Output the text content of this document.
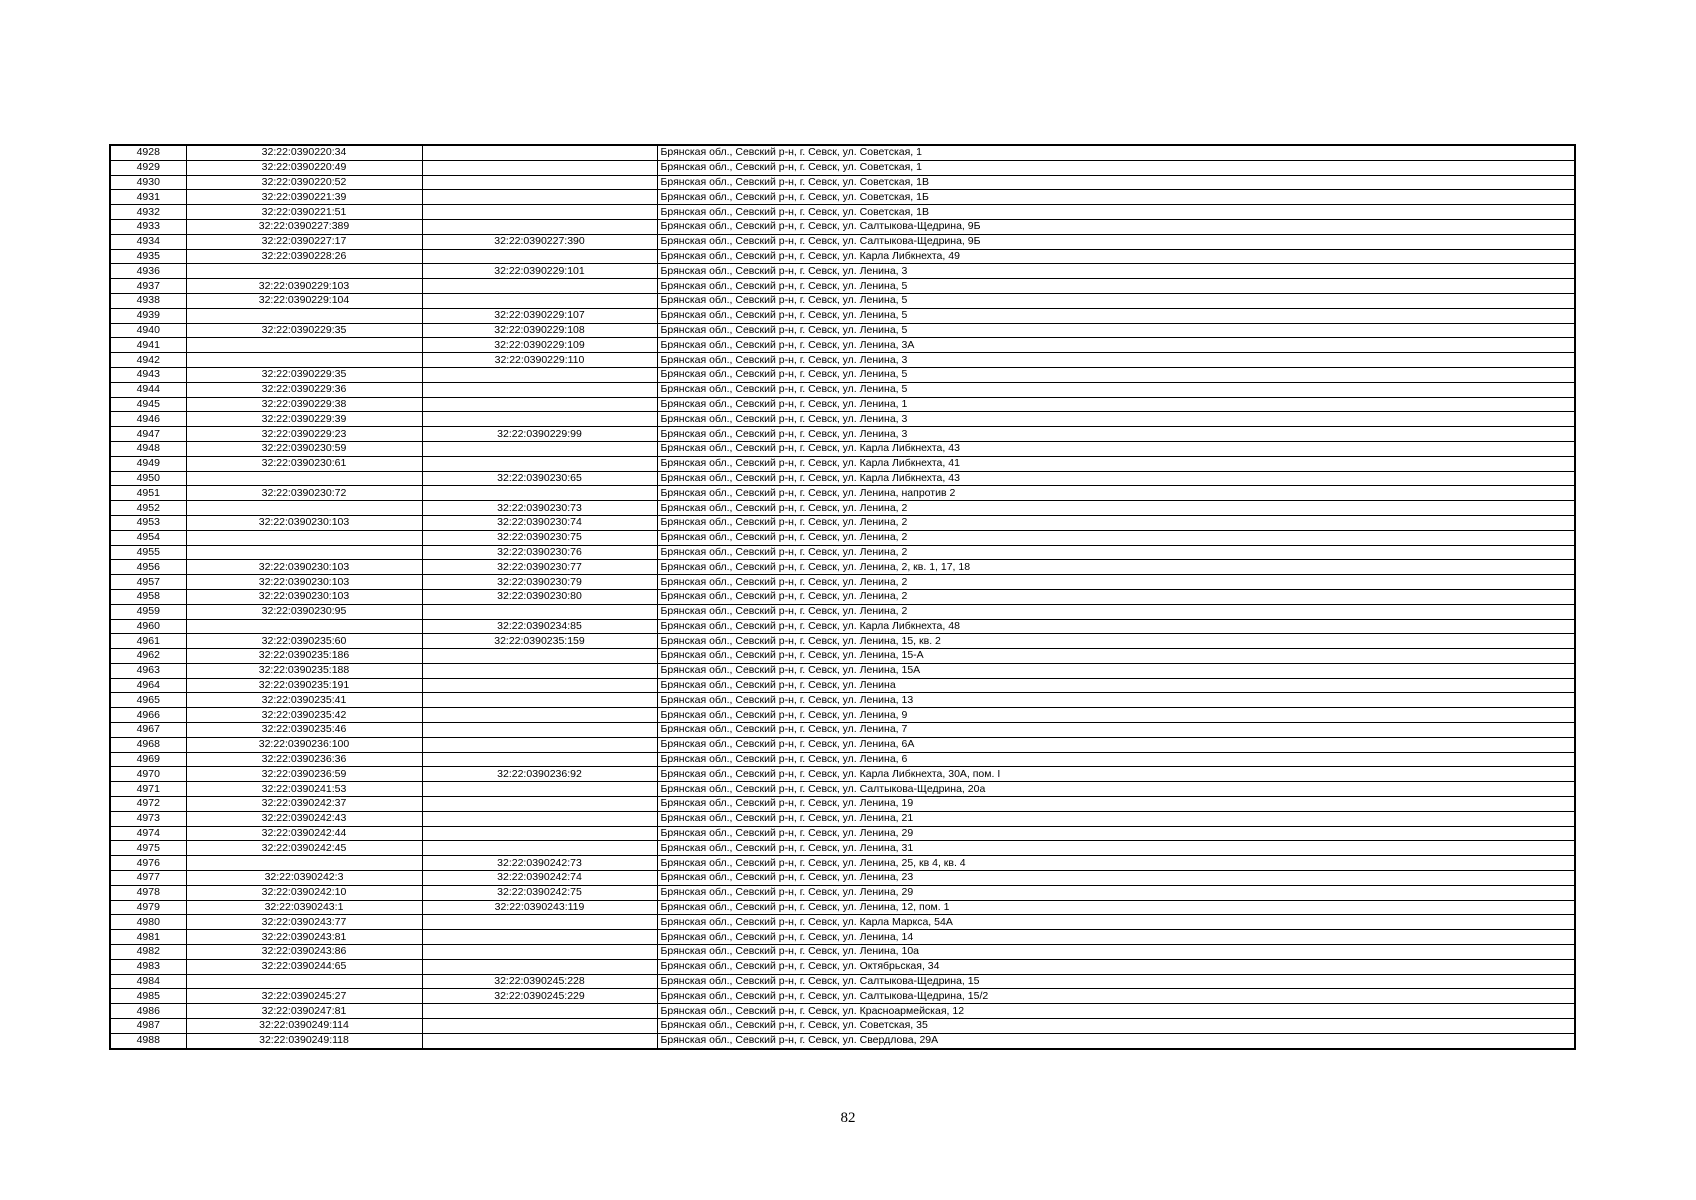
4928	32:22:0390220:34		Брянская обл., Севский р-н, г. Севск, ул. Советская, 1
4929	32:22:0390220:49		Брянская обл., Севский р-н, г. Севск, ул. Советская, 1
4930	32:22:0390220:52		Брянская обл., Севский р-н, г. Севск, ул. Советская, 1В
4931	32:22:0390221:39		Брянская обл., Севский р-н, г. Севск, ул. Советская, 1Б
4932	32:22:0390221:51		Брянская обл., Севский р-н, г. Севск, ул. Советская, 1В
4933	32:22:0390227:389		Брянская обл., Севский р-н, г. Севск, ул. Салтыкова-Щедрина, 9Б
4934	32:22:0390227:17	32:22:0390227:390	Брянская обл., Севский р-н, г. Севск, ул. Салтыкова-Щедрина, 9Б
4935	32:22:0390228:26		Брянская обл., Севский р-н, г. Севск, ул. Карла Либкнехта, 49
4936		32:22:0390229:101	Брянская обл., Севский р-н, г. Севск, ул. Ленина, 3
4937	32:22:0390229:103		Брянская обл., Севский р-н, г. Севск, ул. Ленина, 5
4938	32:22:0390229:104		Брянская обл., Севский р-н, г. Севск, ул. Ленина, 5
4939		32:22:0390229:107	Брянская обл., Севский р-н, г. Севск, ул. Ленина, 5
4940	32:22:0390229:35	32:22:0390229:108	Брянская обл., Севский р-н, г. Севск, ул. Ленина, 5
4941		32:22:0390229:109	Брянская обл., Севский р-н, г. Севск, ул. Ленина, 3А
4942		32:22:0390229:110	Брянская обл., Севский р-н, г. Севск, ул. Ленина, 3
4943	32:22:0390229:35		Брянская обл., Севский р-н, г. Севск, ул. Ленина, 5
4944	32:22:0390229:36		Брянская обл., Севский р-н, г. Севск, ул. Ленина, 5
4945	32:22:0390229:38		Брянская обл., Севский р-н, г. Севск, ул. Ленина, 1
4946	32:22:0390229:39		Брянская обл., Севский р-н, г. Севск, ул. Ленина, 3
4947	32:22:0390229:23	32:22:0390229:99	Брянская обл., Севский р-н, г. Севск, ул. Ленина, 3
4948	32:22:0390230:59		Брянская обл., Севский р-н, г. Севск, ул. Карла Либкнехта, 43
4949	32:22:0390230:61		Брянская обл., Севский р-н, г. Севск, ул. Карла Либкнехта, 41
4950		32:22:0390230:65	Брянская обл., Севский р-н, г. Севск, ул. Карла Либкнехта, 43
4951	32:22:0390230:72		Брянская обл., Севский р-н, г. Севск, ул. Ленина, напротив 2
4952		32:22:0390230:73	Брянская обл., Севский р-н, г. Севск, ул. Ленина, 2
4953	32:22:0390230:103	32:22:0390230:74	Брянская обл., Севский р-н, г. Севск, ул. Ленина, 2
4954		32:22:0390230:75	Брянская обл., Севский р-н, г. Севск, ул. Ленина, 2
4955		32:22:0390230:76	Брянская обл., Севский р-н, г. Севск, ул. Ленина, 2
4956	32:22:0390230:103	32:22:0390230:77	Брянская обл., Севский р-н, г. Севск, ул. Ленина, 2, кв. 1, 17, 18
4957	32:22:0390230:103	32:22:0390230:79	Брянская обл., Севский р-н, г. Севск, ул. Ленина, 2
4958	32:22:0390230:103	32:22:0390230:80	Брянская обл., Севский р-н, г. Севск, ул. Ленина, 2
4959	32:22:0390230:95		Брянская обл., Севский р-н, г. Севск, ул. Ленина, 2
4960		32:22:0390234:85	Брянская обл., Севский р-н, г. Севск, ул. Карла Либкнехта, 48
4961	32:22:0390235:60	32:22:0390235:159	Брянская обл., Севский р-н, г. Севск, ул. Ленина, 15, кв. 2
4962	32:22:0390235:186		Брянская обл., Севский р-н, г. Севск, ул. Ленина, 15-А
4963	32:22:0390235:188		Брянская обл., Севский р-н, г. Севск, ул. Ленина, 15А
4964	32:22:0390235:191		Брянская обл., Севский р-н, г. Севск, ул. Ленина
4965	32:22:0390235:41		Брянская обл., Севский р-н, г. Севск, ул. Ленина, 13
4966	32:22:0390235:42		Брянская обл., Севский р-н, г. Севск, ул. Ленина, 9
4967	32:22:0390235:46		Брянская обл., Севский р-н, г. Севск, ул. Ленина, 7
4968	32:22:0390236:100		Брянская обл., Севский р-н, г. Севск, ул. Ленина, 6А
4969	32:22:0390236:36		Брянская обл., Севский р-н, г. Севск, ул. Ленина, 6
4970	32:22:0390236:59	32:22:0390236:92	Брянская обл., Севский р-н, г. Севск, ул. Карла Либкнехта, 30А, пом. I
4971	32:22:0390241:53		Брянская обл., Севский р-н, г. Севск, ул. Салтыкова-Щедрина, 20а
4972	32:22:0390242:37		Брянская обл., Севский р-н, г. Севск, ул. Ленина, 19
4973	32:22:0390242:43		Брянская обл., Севский р-н, г. Севск, ул. Ленина, 21
4974	32:22:0390242:44		Брянская обл., Севский р-н, г. Севск, ул. Ленина, 29
4975	32:22:0390242:45		Брянская обл., Севский р-н, г. Севск, ул. Ленина, 31
4976		32:22:0390242:73	Брянская обл., Севский р-н, г. Севск, ул. Ленина, 25, кв 4, кв. 4
4977	32:22:0390242:3	32:22:0390242:74	Брянская обл., Севский р-н, г. Севск, ул. Ленина, 23
4978	32:22:0390242:10	32:22:0390242:75	Брянская обл., Севский р-н, г. Севск, ул. Ленина, 29
4979	32:22:0390243:1	32:22:0390243:119	Брянская обл., Севский р-н, г. Севск, ул. Ленина, 12, пом. 1
4980	32:22:0390243:77		Брянская обл., Севский р-н, г. Севск, ул. Карла Маркса, 54А
4981	32:22:0390243:81		Брянская обл., Севский р-н, г. Севск, ул. Ленина, 14
4982	32:22:0390243:86		Брянская обл., Севский р-н, г. Севск, ул. Ленина, 10а
4983	32:22:0390244:65		Брянская обл., Севский р-н, г. Севск, ул. Октябрьская, 34
4984		32:22:0390245:228	Брянская обл., Севский р-н, г. Севск, ул. Салтыкова-Щедрина, 15
4985	32:22:0390245:27	32:22:0390245:229	Брянская обл., Севский р-н, г. Севск, ул. Салтыкова-Щедрина, 15/2
4986	32:22:0390247:81		Брянская обл., Севский р-н, г. Севск, ул. Красноармейская, 12
4987	32:22:0390249:114		Брянская обл., Севский р-н, г. Севск, ул. Советская, 35
4988	32:22:0390249:118		Брянская обл., Севский р-н, г. Севск, ул. Свердлова, 29А
82
